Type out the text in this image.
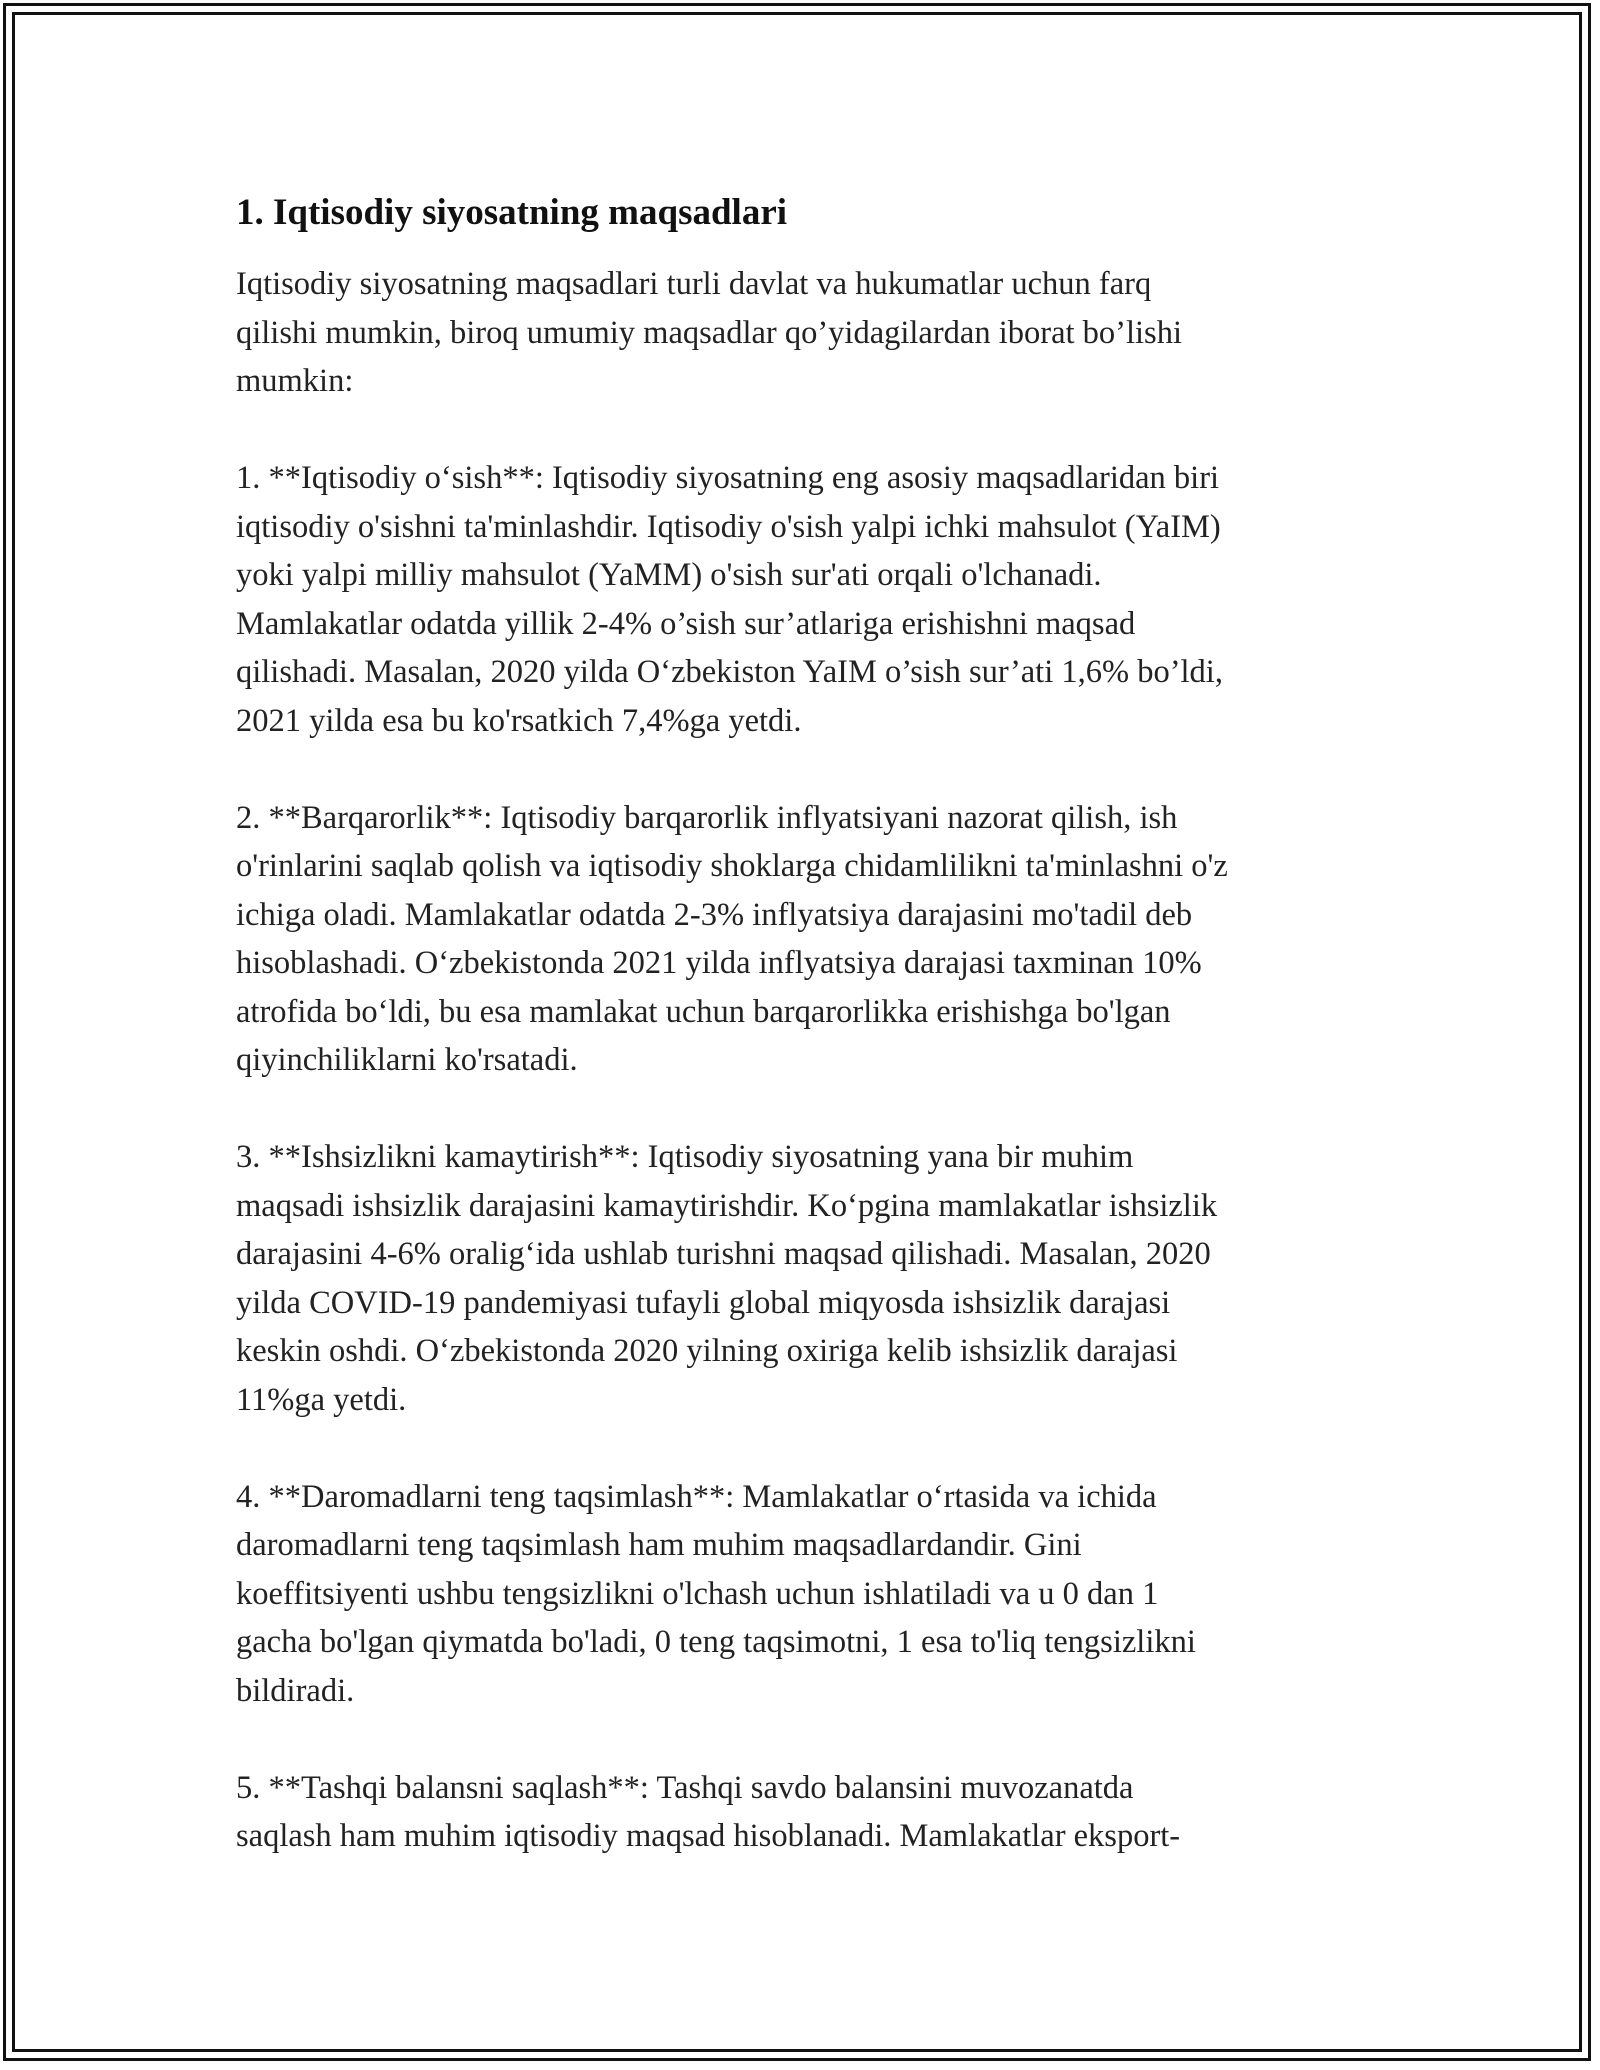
1. Iqtisodiy siyosatning maqsadlari

Iqtisodiy siyosatning maqsadlari turli davlat va hukumatlar uchun farq
qilishi mumkin, biroq umumiy maqsadlar qo’yidagilardan iborat bo’lishi
mumkin:

1. **Iqtisodiy o‘sish**: Iqtisodiy siyosatning eng asosiy maqsadlaridan biri
iqtisodiy o'sishni ta'minlashdir. Iqtisodiy o'sish yalpi ichki mahsulot (YaIM)
yoki yalpi milliy mahsulot (YaMM) o'sish sur'ati orqali o'lchanadi.
Mamlakatlar odatda yillik 2-4% o’sish sur’atlariga erishishni maqsad
qilishadi. Masalan, 2020 yilda O‘zbekiston YaIM o’sish sur’ati 1,6% bo’ldi,
2021 yilda esa bu ko'rsatkich 7,4%ga yetdi.

2. **Barqarorlik**: Iqtisodiy barqarorlik inflyatsiyani nazorat qilish, ish
o'rinlarini saqlab qolish va iqtisodiy shoklarga chidamlilikni ta'minlashni o'z
ichiga oladi. Mamlakatlar odatda 2-3% inflyatsiya darajasini mo'tadil deb
hisoblashadi. O‘zbekistonda 2021 yilda inflyatsiya darajasi taxminan 10%
atrofida bo‘ldi, bu esa mamlakat uchun barqarorlikka erishishga bo'lgan
qiyinchiliklarni ko'rsatadi.

3. **Ishsizlikni kamaytirish**: Iqtisodiy siyosatning yana bir muhim
maqsadi ishsizlik darajasini kamaytirishdir. Ko‘pgina mamlakatlar ishsizlik
darajasini 4-6% oralig‘ida ushlab turishni maqsad qilishadi. Masalan, 2020
yilda COVID-19 pandemiyasi tufayli global miqyosda ishsizlik darajasi
keskin oshdi. O‘zbekistonda 2020 yilning oxiriga kelib ishsizlik darajasi
11%ga yetdi.

4. **Daromadlarni teng taqsimlash**: Mamlakatlar o‘rtasida va ichida
daromadlarni teng taqsimlash ham muhim maqsadlardandir. Gini
koeffitsiyenti ushbu tengsizlikni o'lchash uchun ishlatiladi va u 0 dan 1
gacha bo'lgan qiymatda bo'ladi, 0 teng taqsimotni, 1 esa to'liq tengsizlikni
bildiradi.

5. **Tashqi balansni saqlash**: Tashqi savdo balansini muvozanatda
saqlash ham muhim iqtisodiy maqsad hisoblanadi. Mamlakatlar eksport-
